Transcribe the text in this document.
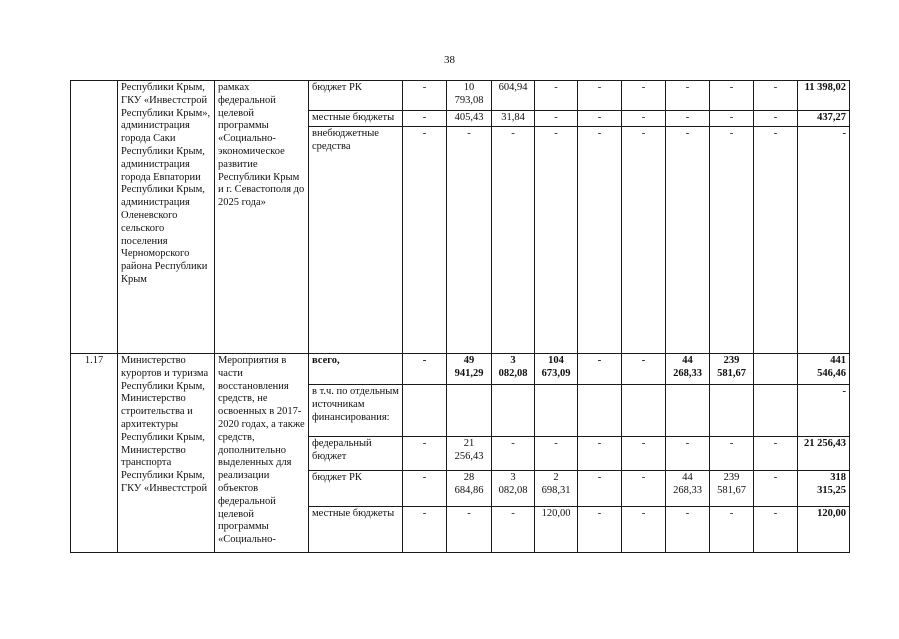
38
	Республики Крым, ГКУ «Инвестстрой Республики Крым», администрация города Саки Республики Крым, администрация города Евпатории Республики Крым, администрация Оленевского сельского поселения Черноморского района Республики Крым	рамках федеральной целевой программы «Социально-экономическое развитие Республики Крым и г. Севастополя до 2025 года»	бюджет РК	-	10 793,08	604,94	-	-	-	-	-	-	11 398,02
			местные бюджеты	-	405,43	31,84	-	-	-	-	-	-	437,27
			внебюджетные средства	-	-	-	-	-	-	-	-	-	-
1.17	Министерство курортов и туризма Республики Крым, Министерство строительства и архитектуры Республики Крым, Министерство транспорта Республики Крым, ГКУ «Инвестстрой	Мероприятия в части восстановления средств, не освоенных в 2017-2020 годах, а также средств, дополнительно выделенных для реализации объектов федеральной целевой программы «Социально-	всего,	-	49 941,29	3 082,08	104 673,09	-	-	44 268,33	239 581,67		441 546,46
			в т.ч. по отдельным источникам финансирования:										-
			федеральный бюджет	-	21 256,43	-	-	-	-	-	-	-	21 256,43
			бюджет РК	-	28 684,86	3 082,08	2 698,31	-	-	44 268,33	239 581,67	-	318 315,25
			местные бюджеты	-	-	-	120,00	-	-	-	-	-	120,00
